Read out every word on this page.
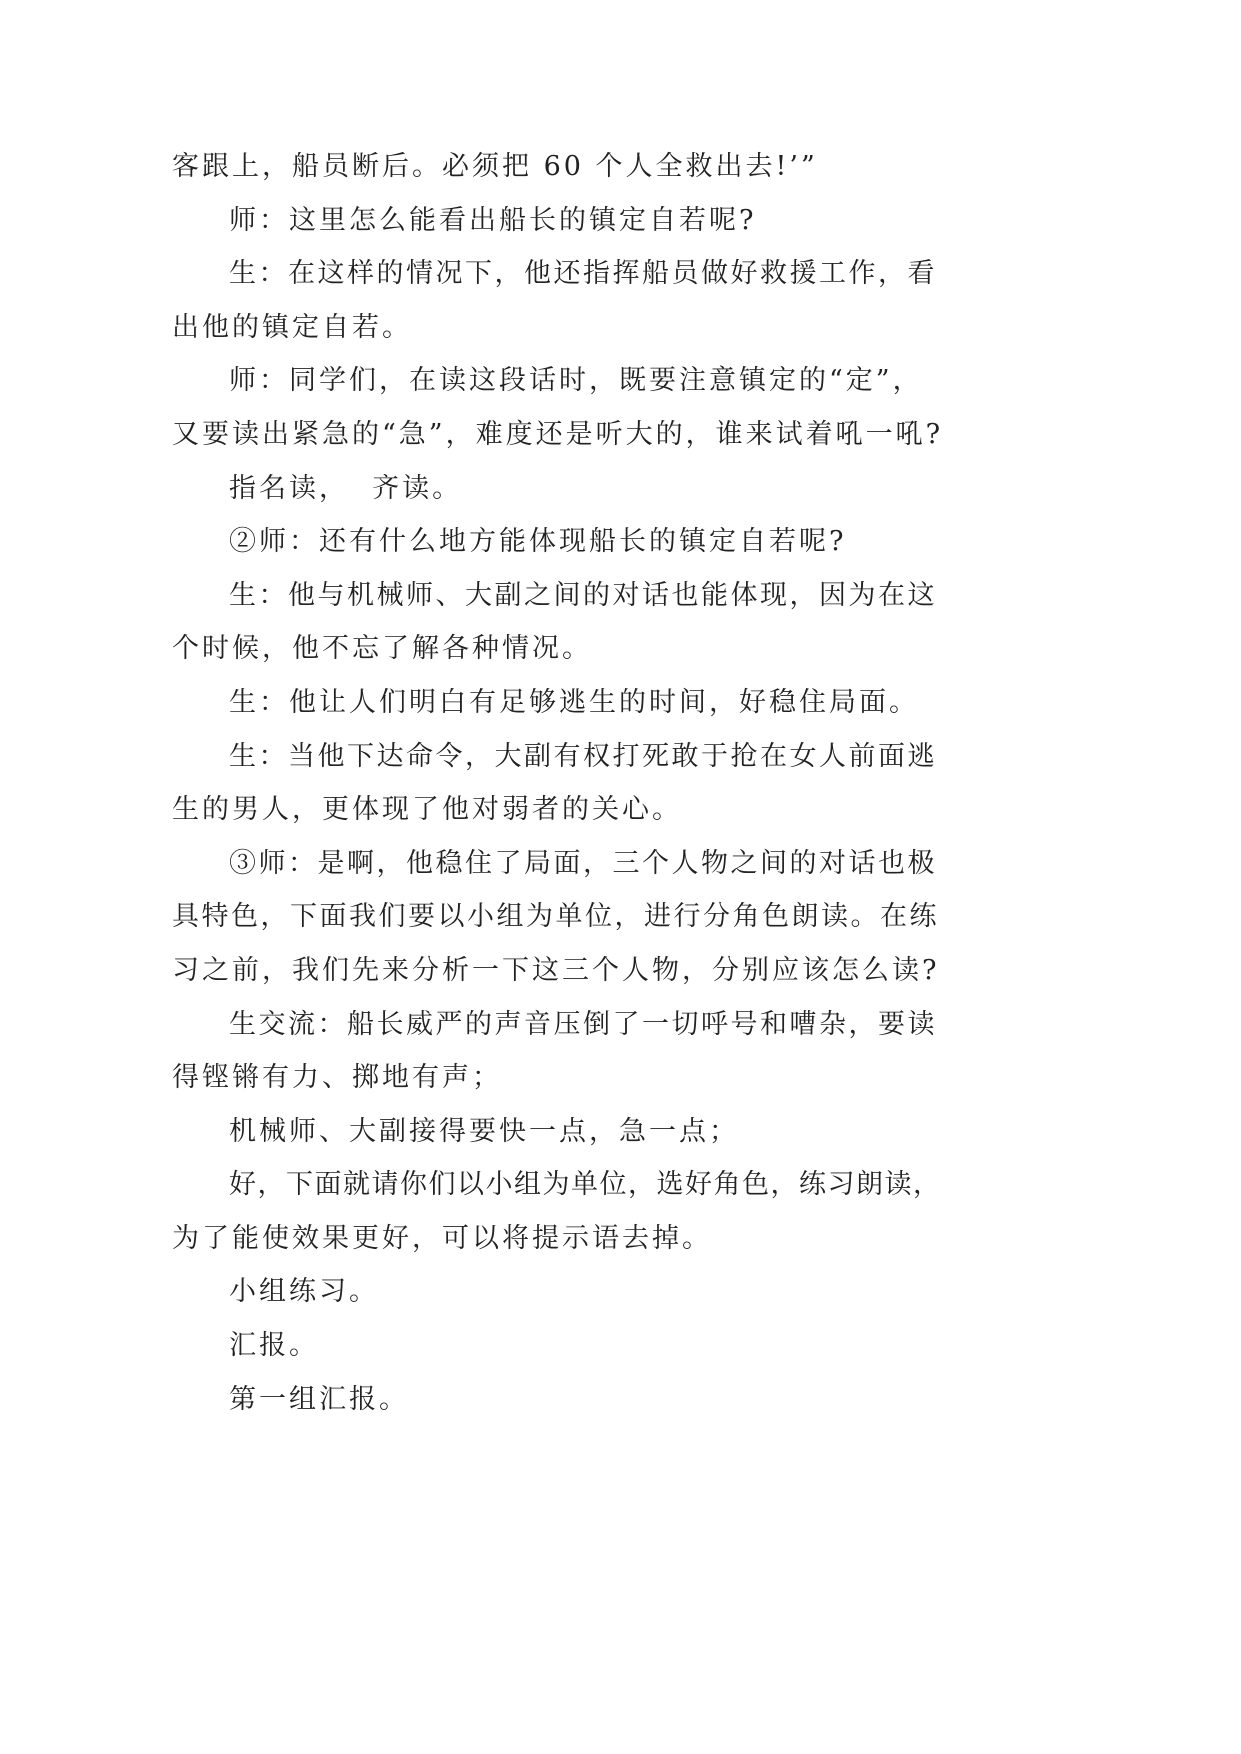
客跟上，船员断后。必须把 60 个人全救出去!’”

师：这里怎么能看出船长的镇定自若呢?

生：在这样的情况下，他还指挥船员做好救援工作，看

出他的镇定自若。

师：同学们，在读这段话时，既要注意镇定的“定”，

又要读出紧急的“急”，难度还是听大的，谁来试着吼一吼?

指名读，  齐读。

②师：还有什么地方能体现船长的镇定自若呢?

生：他与机械师、大副之间的对话也能体现，因为在这

个时候，他不忘了解各种情况。

生：他让人们明白有足够逃生的时间，好稳住局面。

生：当他下达命令，大副有权打死敢于抢在女人前面逃

生的男人，更体现了他对弱者的关心。

③师：是啊，他稳住了局面，三个人物之间的对话也极

具特色，下面我们要以小组为单位，进行分角色朗读。在练

习之前，我们先来分析一下这三个人物，分别应该怎么读?

生交流：船长威严的声音压倒了一切呼号和嘈杂，要读

得铿锵有力、掷地有声；

机械师、大副接得要快一点，急一点；

好，下面就请你们以小组为单位，选好角色，练习朗读，

为了能使效果更好，可以将提示语去掉。

小组练习。

汇报。

第一组汇报。
